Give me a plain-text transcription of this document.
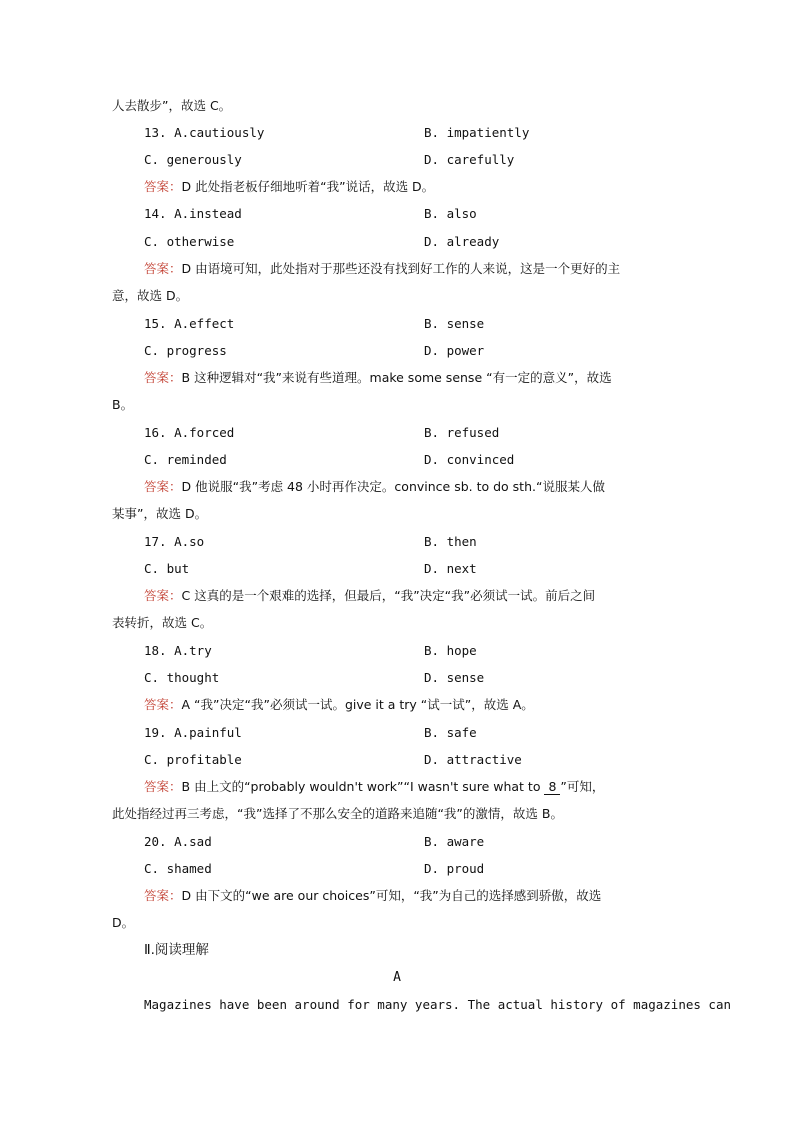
人去散步”，故选 C。
13. A.cautiously	B. impatiently
C. generously	D. carefully
答案：D 此处指老板仔细地听着“我”说话，故选 D。
14. A.instead	B. also
C. otherwise	D. already
答案：D 由语境可知，此处指对于那些还没有找到好工作的人来说，这是一个更好的主
意，故选 D。
15. A.effect	B. sense
C. progress	D. power
答案：B 这种逻辑对“我”来说有些道理。make some sense “有一定的意义”，故选
B。
16. A.forced	B. refused
C. reminded	D. convinced
答案：D 他说服“我”考虑 48 小时再作决定。convince sb. to do sth.“说服某人做
某事”，故选 D。
17. A.so	B. then
C. but	D. next
答案：C 这真的是一个艰难的选择，但最后，“我”决定“我”必须试一试。前后之间
表转折，故选 C。
18. A.try	B. hope
C. thought	D. sense
答案：A “我”决定“我”必须试一试。give it a try “试一试”，故选 A。
19. A.painful	B. safe
C. profitable	D. attractive
答案：B 由上文的“probably wouldn't work”“I wasn't sure what to 8 ”可知，
此处指经过再三考虑，“我”选择了不那么安全的道路来追随“我”的激情，故选 B。
20. A.sad	B. aware
C. shamed	D. proud
答案：D 由下文的“we are our choices”可知，“我”为自己的选择感到骄傲，故选
D。
Ⅱ.阅读理解
A
Magazines have been around for many years. The actual history of magazines can
